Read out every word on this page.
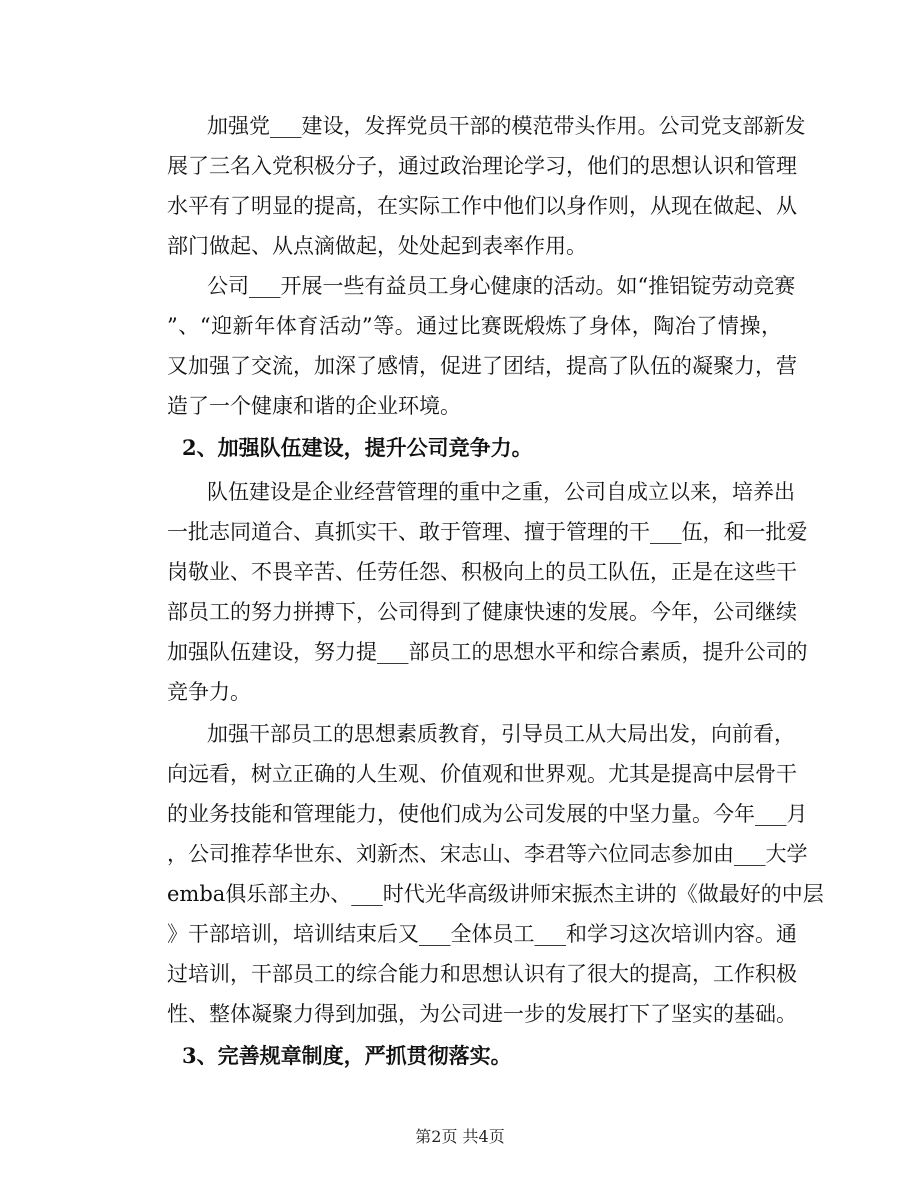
加强党___建设，发挥党员干部的模范带头作用。公司党支部新发

展了三名入党积极分子，通过政治理论学习，他们的思想认识和管理

水平有了明显的提高，在实际工作中他们以身作则，从现在做起、从

部门做起、从点滴做起，处处起到表率作用。

公司___开展一些有益员工身心健康的活动。如“推铝锭劳动竞赛

”、“迎新年体育活动”等。通过比赛既煅炼了身体，陶冶了情操，

又加强了交流，加深了感情，促进了团结，提高了队伍的凝聚力，营

造了一个健康和谐的企业环境。

2、加强队伍建设，提升公司竞争力。

队伍建设是企业经营管理的重中之重，公司自成立以来，培养出

一批志同道合、真抓实干、敢于管理、擅于管理的干___伍，和一批爱

岗敬业、不畏辛苦、任劳任怨、积极向上的员工队伍，正是在这些干

部员工的努力拼搏下，公司得到了健康快速的发展。今年，公司继续

加强队伍建设，努力提___部员工的思想水平和综合素质，提升公司的

竞争力。

加强干部员工的思想素质教育，引导员工从大局出发，向前看，

向远看，树立正确的人生观、价值观和世界观。尤其是提高中层骨干

的业务技能和管理能力，使他们成为公司发展的中坚力量。今年___月

，公司推荐华世东、刘新杰、宋志山、李君等六位同志参加由___大学

emba俱乐部主办、___时代光华高级讲师宋振杰主讲的《做最好的中层

》干部培训，培训结束后又___全体员工___和学习这次培训内容。通

过培训，干部员工的综合能力和思想认识有了很大的提高，工作积极

性、整体凝聚力得到加强，为公司进一步的发展打下了坚实的基础。

3、完善规章制度，严抓贯彻落实。

第2页 共4页
